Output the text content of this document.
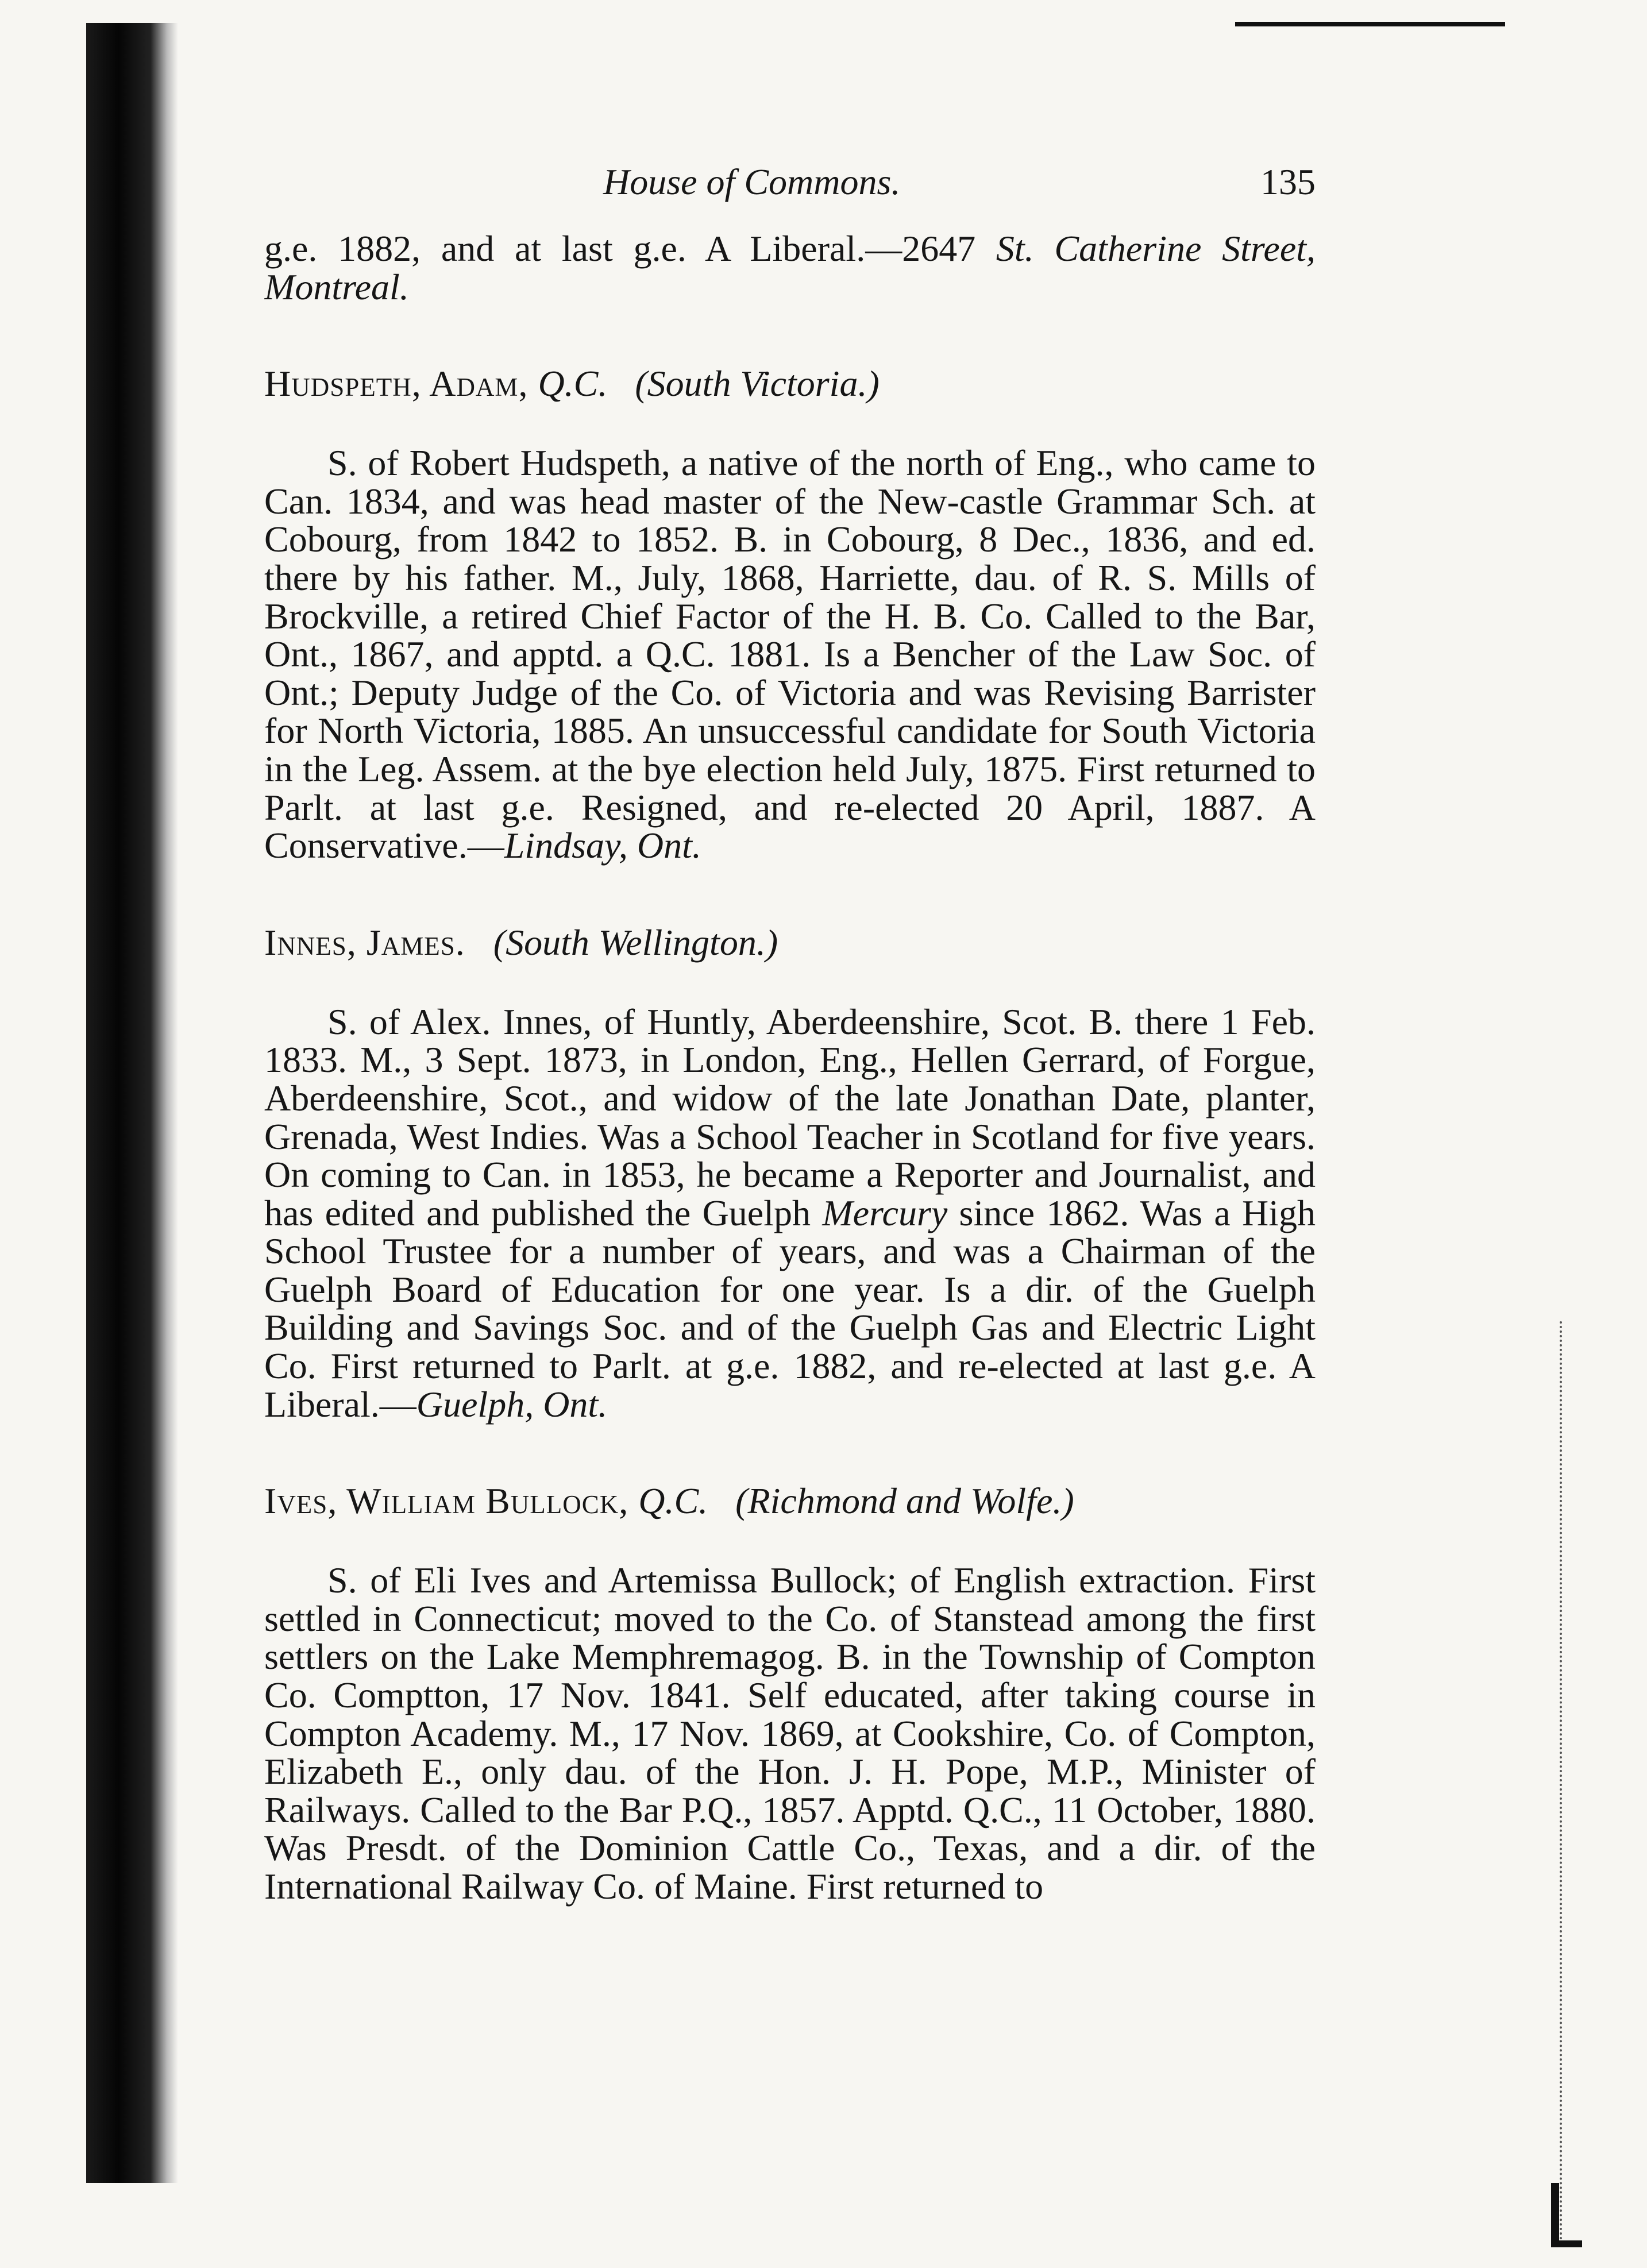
House of Commons.	135

g.e. 1882, and at last g.e. A Liberal.—2647 St. Catherine Street, Montreal.

Hudspeth, Adam, Q.C. (South Victoria.)

S. of Robert Hudspeth, a native of the north of Eng., who came to Can. 1834, and was head master of the New-castle Grammar Sch. at Cobourg, from 1842 to 1852. B. in Cobourg, 8 Dec., 1836, and ed. there by his father. M., July, 1868, Harriette, dau. of R. S. Mills of Brockville, a retired Chief Factor of the H. B. Co. Called to the Bar, Ont., 1867, and apptd. a Q.C. 1881. Is a Bencher of the Law Soc. of Ont.; Deputy Judge of the Co. of Victoria and was Revising Barrister for North Victoria, 1885. An unsuccessful candidate for South Victoria in the Leg. Assem. at the bye election held July, 1875. First returned to Parlt. at last g.e. Resigned, and re-elected 20 April, 1887. A Conservative.—Lindsay, Ont.

Innes, James.   (South Wellington.)

S. of Alex. Innes, of Huntly, Aberdeenshire, Scot. B. there 1 Feb. 1833. M., 3 Sept. 1873, in London, Eng., Hellen Gerrard, of Forgue, Aberdeenshire, Scot., and widow of the late Jonathan Date, planter, Grenada, West Indies. Was a School Teacher in Scotland for five years. On coming to Can. in 1853, he became a Reporter and Journalist, and has edited and published the Guelph Mercury since 1862. Was a High School Trustee for a number of years, and was a Chairman of the Guelph Board of Education for one year. Is a dir. of the Guelph Building and Savings Soc. and of the Guelph Gas and Electric Light Co. First returned to Parlt. at g.e. 1882, and re-elected at last g.e. A Liberal.—Guelph, Ont.

Ives, William Bullock, Q.C. (Richmond and Wolfe.)

S. of Eli Ives and Artemissa Bullock; of English extraction. First settled in Connecticut; moved to the Co. of Stanstead among the first settlers on the Lake Memphremagog. B. in the Township of Compton Co. Comptton, 17 Nov. 1841. Self educated, after taking course in Compton Academy. M., 17 Nov. 1869, at Cookshire, Co. of Compton, Elizabeth E., only dau. of the Hon. J. H. Pope, M.P., Minister of Railways. Called to the Bar P.Q., 1857. Apptd. Q.C., 11 October, 1880. Was Presdt. of the Dominion Cattle Co., Texas, and a dir. of the International Railway Co. of Maine. First returned to
